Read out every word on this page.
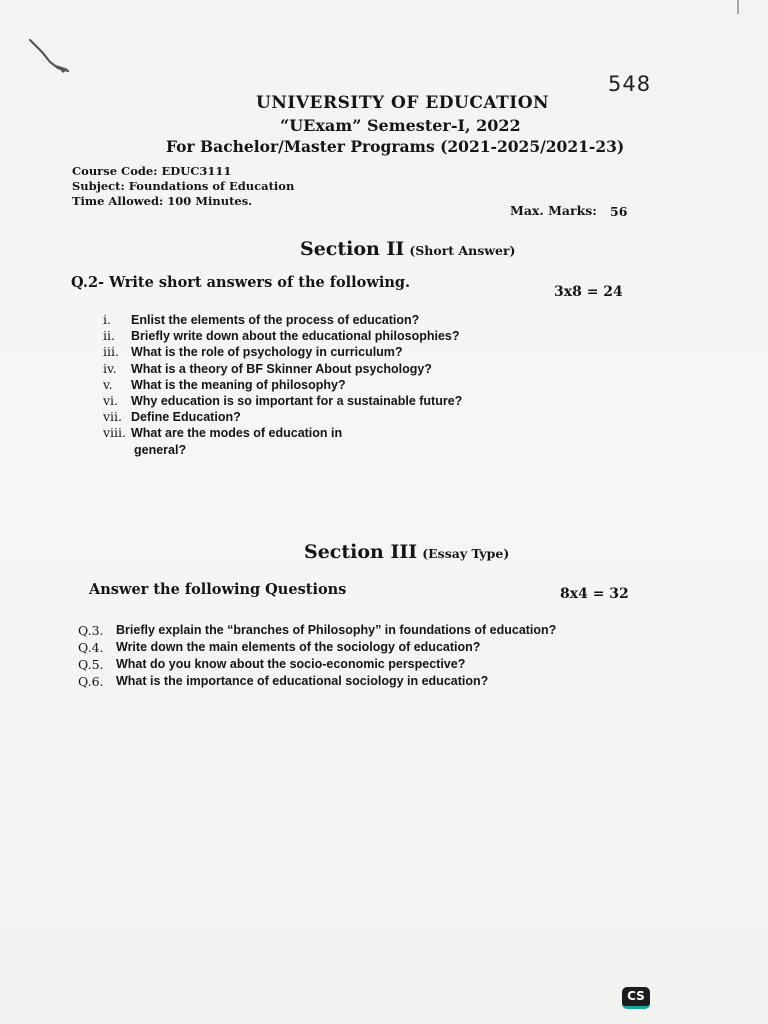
548
UNIVERSITY OF EDUCATION
“UExam” Semester-I, 2022
For Bachelor/Master Programs (2021-2025/2021-23)
Course Code: EDUC3111
Subject: Foundations of Education
Time Allowed: 100 Minutes.
Max. Marks: 56
Section II (Short Answer)
Q.2- Write short answers of the following.
3x8 = 24
i.	Enlist the elements of the process of education?
ii.	Briefly write down about the educational philosophies?
iii. What is the role of psychology in curriculum?
iv.	What is a theory of BF Skinner About psychology?
v.	What is the meaning of philosophy?
vi.	Why education is so important for a sustainable future?
vii. Define Education?
viii. What are the modes of education in
general?
Section III (Essay Type)
Answer the following Questions	8x4 = 32
Q.3. Briefly explain the “branches of Philosophy” in foundations of education?
Q.4. Write down the main elements of the sociology of education?
Q.5. What do you know about the socio-economic perspective?
Q.6. What is the importance of educational sociology in education?
CS
